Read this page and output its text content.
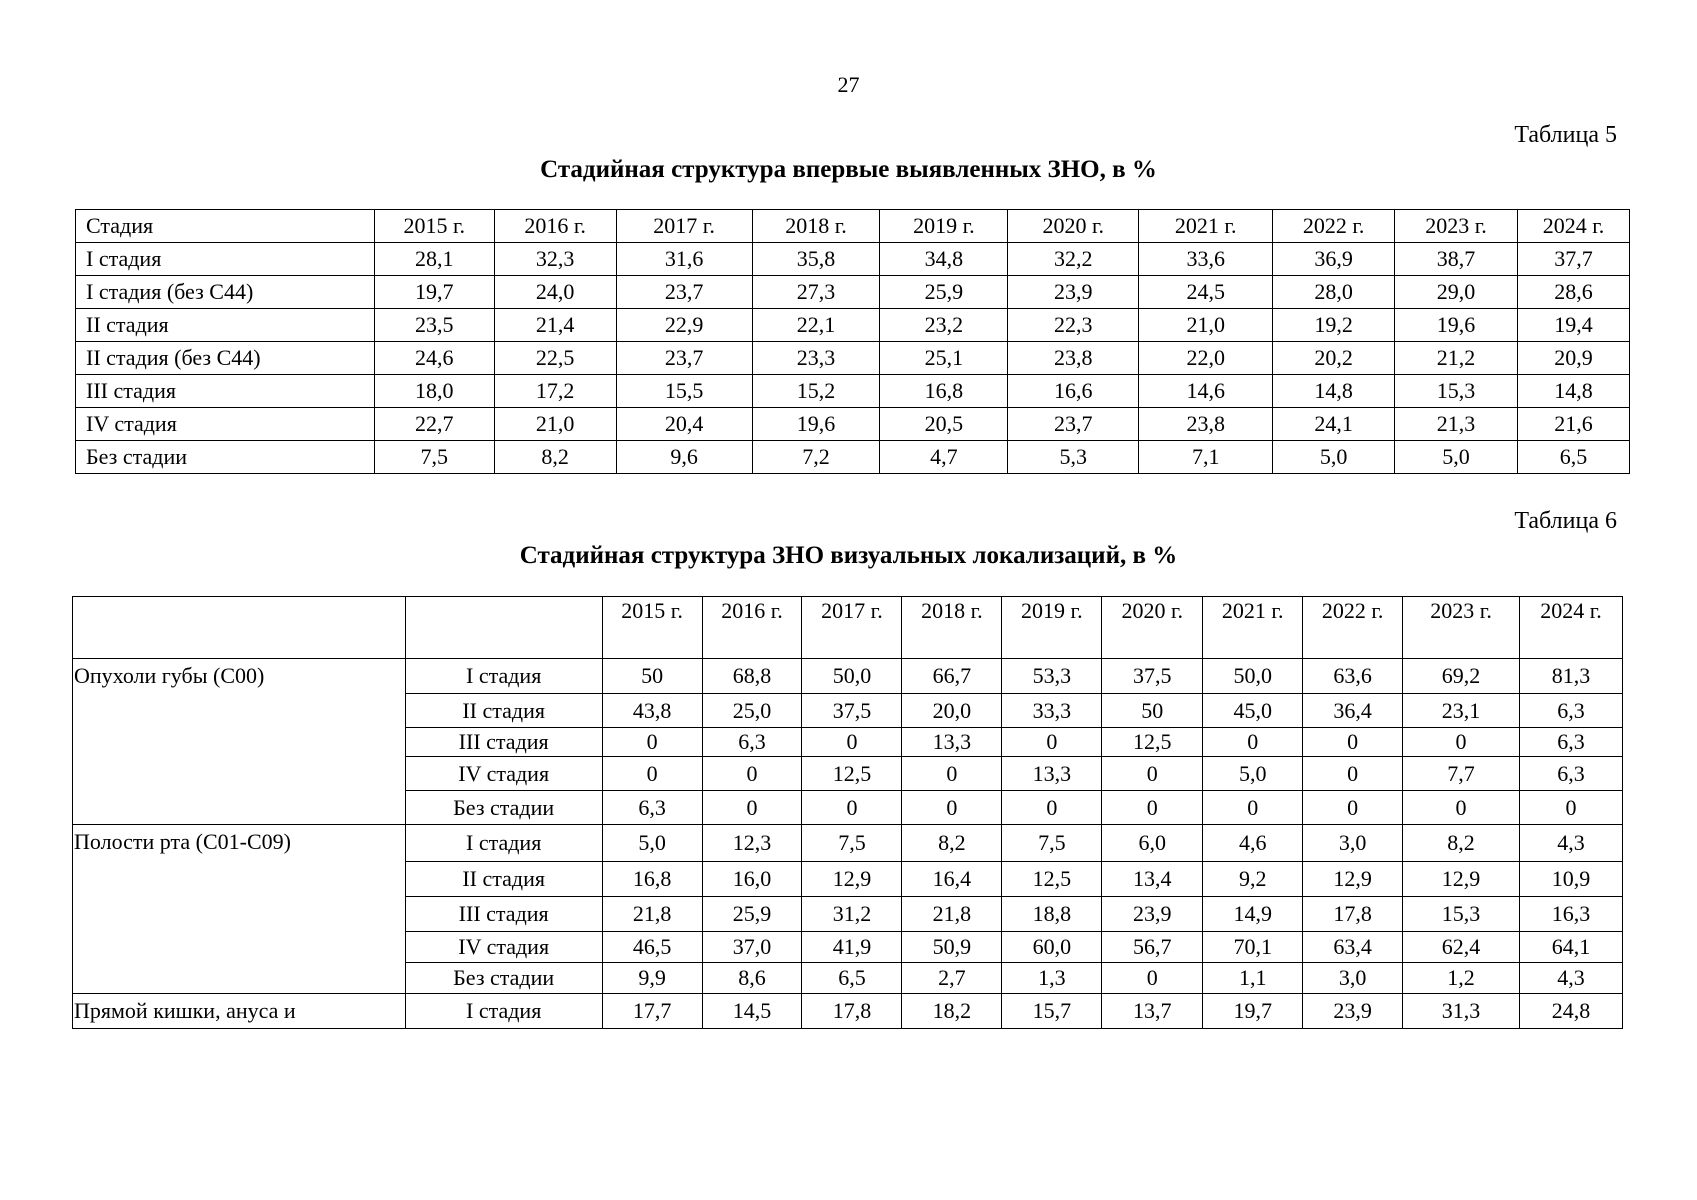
27
Таблица 5
Стадийная структура впервые выявленных ЗНО, в %
Стадия	2015 г.	2016 г.	2017 г.	2018 г.	2019 г.	2020 г.	2021 г.	2022 г.	2023 г.	2024 г.
I стадия	28,1	32,3	31,6	35,8	34,8	32,2	33,6	36,9	38,7	37,7
I стадия (без С44)	19,7	24,0	23,7	27,3	25,9	23,9	24,5	28,0	29,0	28,6
II стадия	23,5	21,4	22,9	22,1	23,2	22,3	21,0	19,2	19,6	19,4
II стадия (без С44)	24,6	22,5	23,7	23,3	25,1	23,8	22,0	20,2	21,2	20,9
III стадия	18,0	17,2	15,5	15,2	16,8	16,6	14,6	14,8	15,3	14,8
IV стадия	22,7	21,0	20,4	19,6	20,5	23,7	23,8	24,1	21,3	21,6
Без стадии	7,5	8,2	9,6	7,2	4,7	5,3	7,1	5,0	5,0	6,5
Таблица 6
Стадийная структура ЗНО визуальных локализаций, в %
		2015 г.	2016 г.	2017 г.	2018 г.	2019 г.	2020 г.	2021 г.	2022 г.	2023 г.	2024 г.
Опухоли губы (С00)	I стадия	50	68,8	50,0	66,7	53,3	37,5	50,0	63,6	69,2	81,3
	II стадия	43,8	25,0	37,5	20,0	33,3	50	45,0	36,4	23,1	6,3
	III стадия	0	6,3	0	13,3	0	12,5	0	0	0	6,3
	IV стадия	0	0	12,5	0	13,3	0	5,0	0	7,7	6,3
	Без стадии	6,3	0	0	0	0	0	0	0	0	0
Полости рта (С01-С09)	I стадия	5,0	12,3	7,5	8,2	7,5	6,0	4,6	3,0	8,2	4,3
	II стадия	16,8	16,0	12,9	16,4	12,5	13,4	9,2	12,9	12,9	10,9
	III стадия	21,8	25,9	31,2	21,8	18,8	23,9	14,9	17,8	15,3	16,3
	IV стадия	46,5	37,0	41,9	50,9	60,0	56,7	70,1	63,4	62,4	64,1
	Без стадии	9,9	8,6	6,5	2,7	1,3	0	1,1	3,0	1,2	4,3
Прямой кишки, ануса и	I стадия	17,7	14,5	17,8	18,2	15,7	13,7	19,7	23,9	31,3	24,8
